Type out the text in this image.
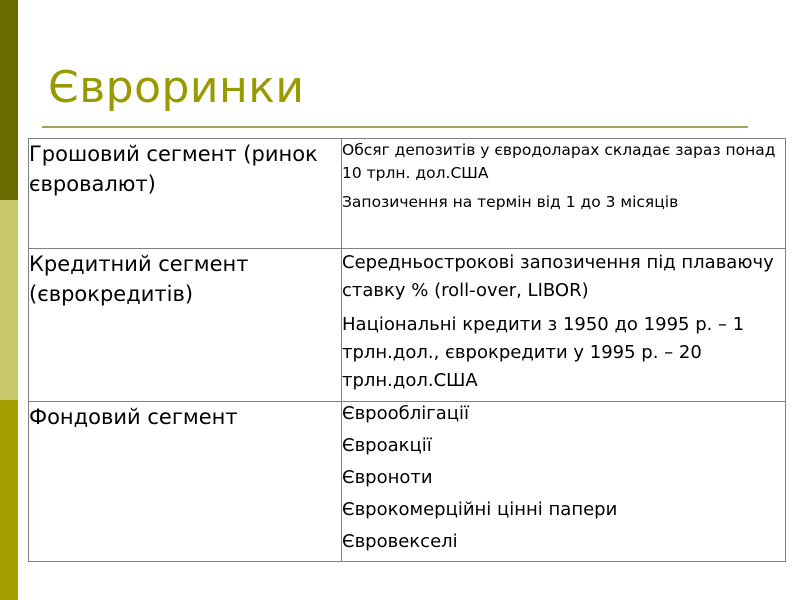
Євроринки
Грошовий сегмент (ринок євровалют)	Обсяг депозитів у євродоларах складає зараз понад 10 трлн. дол.США

Запозичення на термін від 1 до 3 місяців

Кредитний сегмент (єврокредитів)	Середньострокові запозичення під плаваючу ставку % (roll-over, LIBOR)

Національні кредити з 1950 до 1995 р. – 1 трлн.дол., єврокредити у 1995 р. – 20 трлн.дол.США

Фондовий сегмент	Єврооблігації

Євроакції

Євроноти

Єврокомерційні цінні папери

Євровекселі
